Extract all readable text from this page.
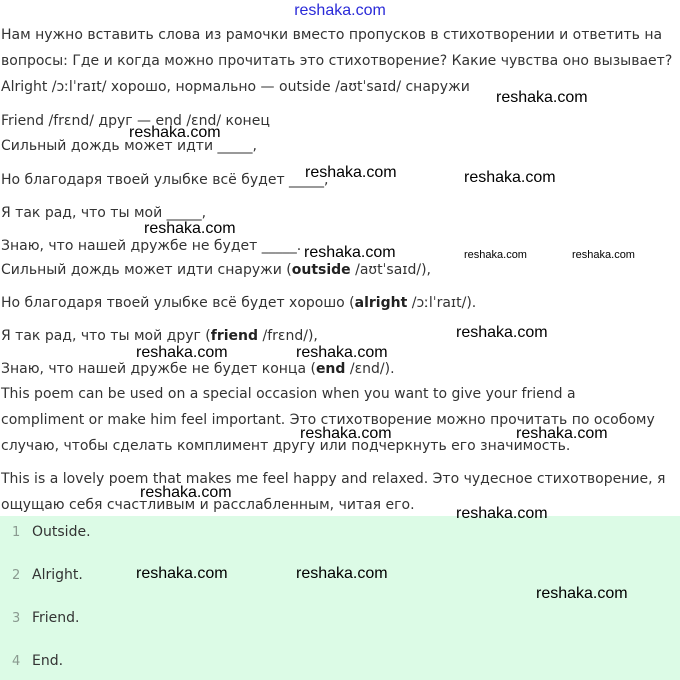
reshaka.com
Нам нужно вставить слова из рамочки вместо пропусков в стихотворении и ответить на
вопросы: Где и когда можно прочитать это стихотворение? Какие чувства оно вызывает?
Alright /ɔːlˈraɪt/ хорошо, нормально — outside /aʊtˈsaɪd/ снаружи
Friend /frɛnd/ друг — end /ɛnd/ конец
Сильный дождь может идти _____,
Но благодаря твоей улыбке всё будет _____,
Я так рад, что ты мой _____,
Знаю, что нашей дружбе не будет _____.
Сильный дождь может идти снаружи (outside /aʊtˈsaɪd/),
Но благодаря твоей улыбке всё будет хорошо (alright /ɔːlˈraɪt/).
Я так рад, что ты мой друг (friend /frɛnd/),
Знаю, что нашей дружбе не будет конца (end /ɛnd/).
This poem can be used on a special occasion when you want to give your friend a
compliment or make him feel important. Это стихотворение можно прочитать по особому
случаю, чтобы сделать комплимент другу или подчеркнуть его значимость.
This is a lovely poem that makes me feel happy and relaxed. Это чудесное стихотворение, я
ощущаю себя счастливым и расслабленным, читая его.
1 Outside.
2 Alright.
3 Friend.
4 End.
reshaka.com
reshaka.com
reshaka.com	reshaka.com
reshaka.com
reshaka.com	reshaka.com	reshaka.com
reshaka.com
reshaka.com	reshaka.com
reshaka.com	reshaka.com
reshaka.com
reshaka.com
reshaka.com	reshaka.com
reshaka.com
